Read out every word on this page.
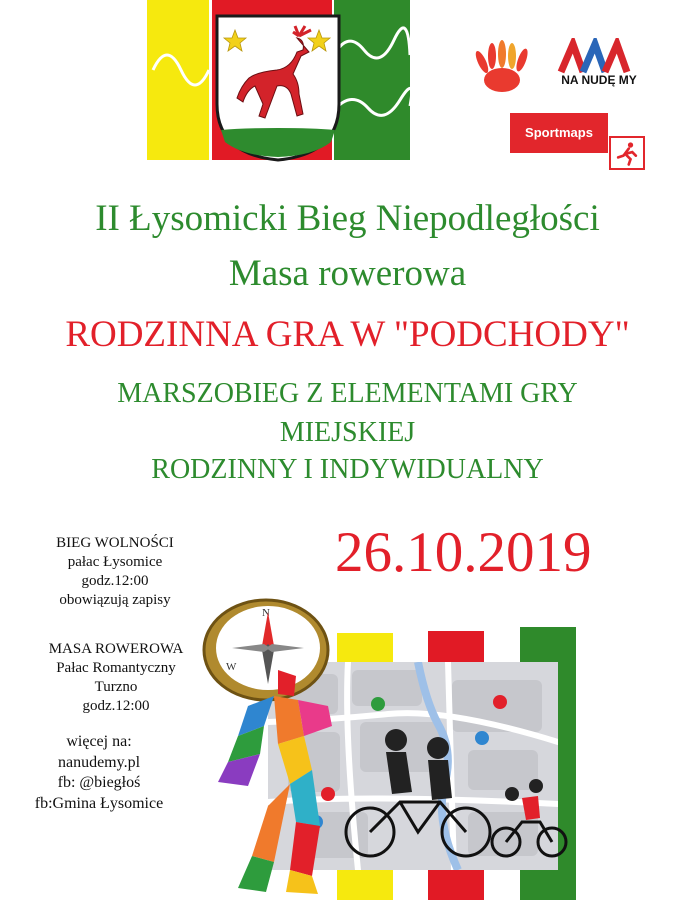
NA NUDĘ MY
Sportmaps
II Łysomicki Bieg Niepodległości
Masa rowerowa
RODZINNA GRA W "PODCHODY"
MARSZOBIEG Z ELEMENTAMI GRY
MIEJSKIEJ
RODZINNY I INDYWIDUALNY
26.10.2019
N
W
BIEG WOLNOŚCI
pałac Łysomice
godz.12:00
obowiązują zapisy
MASA ROWEROWA
Pałac Romantyczny
Turzno
godz.12:00
więcej na:
nanudemy.pl
fb: @biegłoś
fb:Gmina Łysomice
